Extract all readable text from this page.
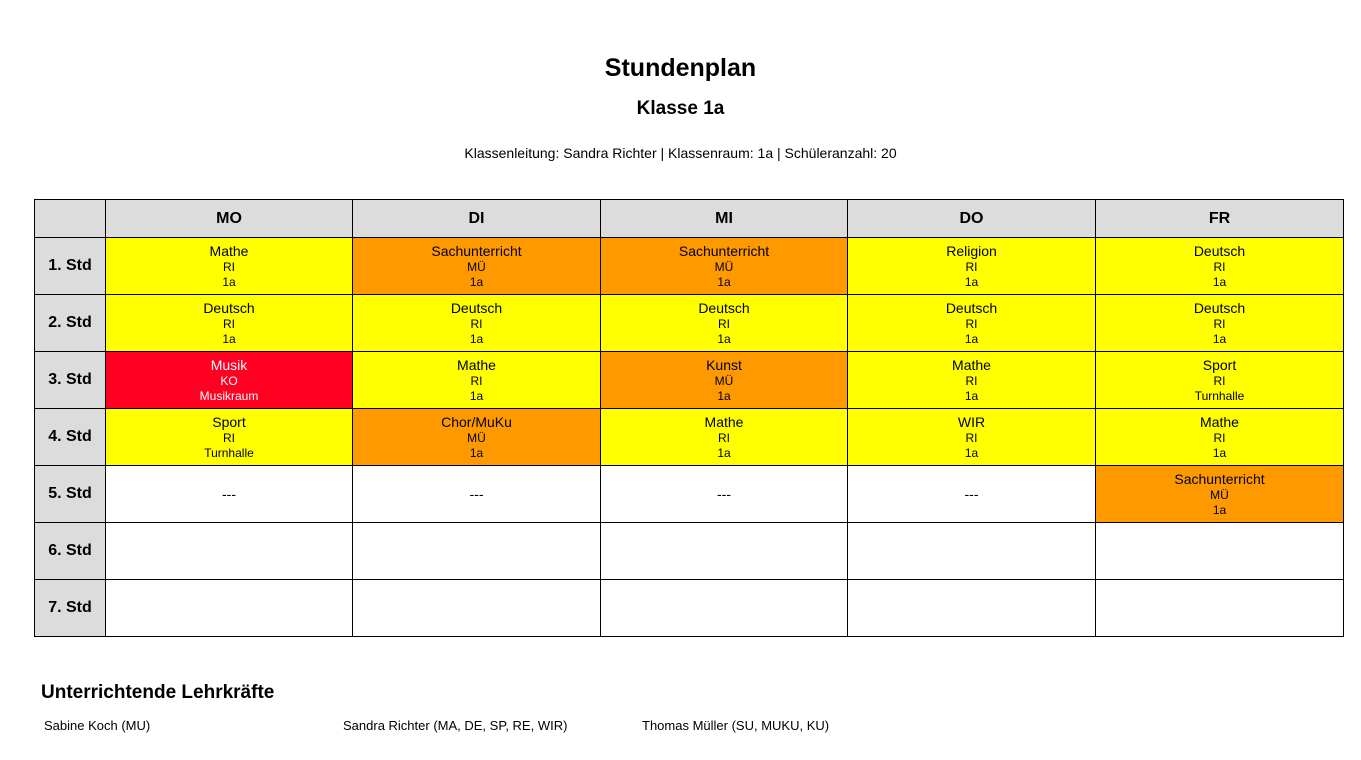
Stundenplan
Klasse 1a
Klassenleitung: Sandra Richter | Klassenraum: 1a | Schüleranzahl: 20
	MO	DI	MI	DO	FR
1. Std	Mathe
RI
1a	Sachunterricht
MÜ
1a	Sachunterricht
MÜ
1a	Religion
RI
1a	Deutsch
RI
1a

2. Std	Deutsch
RI
1a	Deutsch
RI
1a	Deutsch
RI
1a	Deutsch
RI
1a	Deutsch
RI
1a

3. Std	Musik
KO
Musikraum	Mathe
RI
1a	Kunst
MÜ
1a	Mathe
RI
1a	Sport
RI
Turnhalle

4. Std	Sport
RI
Turnhalle	Chor/MuKu
MÜ
1a	Mathe
RI
1a	WIR
RI
1a	Mathe
RI
1a

5. Std	---	---	---	---	Sachunterricht
MÜ
1a

6. Std					
7. Std					
Unterrichtende Lehrkräfte
Sabine Koch (MU)	Sandra Richter (MA, DE, SP, RE, WIR)	Thomas Müller (SU, MUKU, KU)
